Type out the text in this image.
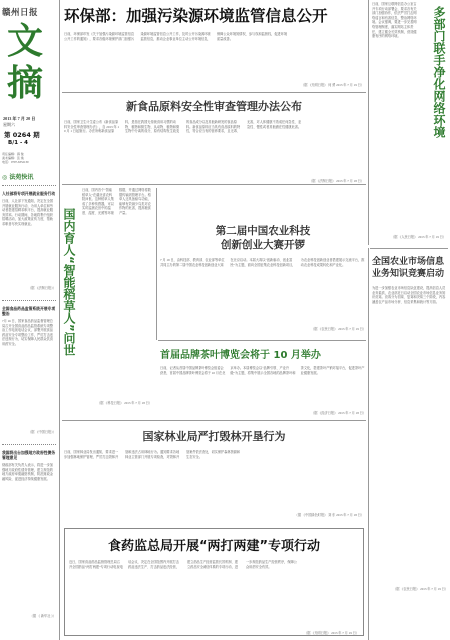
赣州日报
文
摘
2013 年 7 月 20 日
星期六
第 0264 期
B/1 - 4
责任编辑：薛 俊
美术编辑：张 焕
电话：0797-6352130
◎ 法苑快讯
人社部将专项开展就业服务行动
日前，人社部下发通知，决定在全国开展就业服务行动，为用人单位和劳动者搭建招聘求职平台，提高就业服务效率。行动期间，各地将集中组织招聘活动，加大政策宣传力度，帮助求职者尽快实现就业。
（据 《法制日报》）
全国食品药品监管系统开展专项整治
7月 16 日，国家食品药品监督管理总局召开全国食品药品监管系统专项整治工作电视电话会议，部署开展食品药品安全专项整治工作，严厉打击违法违规行为，切实保障人民群众饮食用药安全。
（据 《中国日报》）
我国将出台加强地方政府性债务管理意见
财政部有关负责人表示，将进一步加强地方政府性债务管理，建立规范的地方政府举债融资机制，防范财政金融风险，促进经济持续健康发展。
（据 《 新华社 》）
环保部：加强污染源环境监管信息公开
日前，环保部印发《关于加强污染源环境监管信息公开工作的通知》，要求各级环境保护部门加强污染源环境监管信息公开工作，及时公开污染源环境监管信息，推动企业事业单位主动公开环境信息，保障公众环境知情权、参与权和监督权，促进环境质量改善。
（据 《光明日报》 何 勇 2013 年 7 月 19 日）
日前，国家互联网信息办公室召开专项行动部署会，要求各有关部门加强协作，依法严厉打击网络谣言和有害信息，整治网络环境。会议强调，要进一步完善网络管理制度，落实网站主体责任，建立健全长效机制，营造健康有序的网络环境。	多部门联手净化网络环境
（据 《人民日报》 2013 年 7 月 19 日）
新食品原料安全性审查管理办法公布
日前，国家卫生计生委公布《新食品原料安全性审查管理办法》，自 2013 年 10 月 1 日起施行。办法所称新食品原料，是指在我国无传统食用习惯的动物、植物和微生物，从动物、植物和微生物中分离的成分，原有结构发生改变的食品成分以及其他新研发的食品原料。新食品原料应当具有食品原料的特性，符合应当有的营养要求，且无毒、无害，对人体健康不造成任何急性、亚急性、慢性或者其他潜在性健康危害。
（据 《法制日报》 2013 年 7 月 18 日）
国内育人“智能稻草人”问世
日前，国内首个“智能稻草人”在湖北省农科院问世。这种稻草人集成了多种传感器，可以实时监测农田中的温度、湿度、光照等环境数据，并通过网络将数据传输到管理平台。稻草人还具备驱鸟功能，能够有效减少鸟类对农作物的危害，提高粮食产量。
（据 《科技日报》 2013 年 7 月 18 日）
第二届中国农业科技
创新创业大赛开锣
7 月 19 日，由科技部、教育部、农业部等单位共同主办的第二届中国农业科技创新创业大赛在北京启动。本届大赛以“创新驱动、创业富民”为主题，面向全国征集农业科技创新项目，为农业科技创新创业者搭建展示交流平台，推动农业科技成果转化和产业化。
（据 《农民日报》 2013 年 7 月 19 日）
全国农业市场信息业务知识竞赛启动
为进一步加强农业市场信息队伍建设，提高信息人员业务素质，农业部近日启动全国农业市场信息业务知识竞赛。竞赛分为初赛、复赛和决赛三个阶段，内容涵盖农产品市场分析、信息采集和统计等方面。
（据 《农民日报》 2013 年 7 月 19 日）
首届品牌茶叶博览会将于 10 月举办
日前，记者从首届中国品牌茶叶博览会组委会获悉，首届中国品牌茶叶博览会将于 10 月在北京举办。本届博览会以“品牌引领、产业升级”为主题，将集中展示全国各地的品牌茶叶和茶文化，搭建茶叶产销对接平台，促进茶叶产业健康发展。
（据 《经济日报》 2013 年 7 月 18 日）
国家林业局严打毁林开垦行为
日前，国家林业局发出通知，要求进一步加强林地保护管理，严厉打击毁林开垦和违法占用林地行为。通知要求各地林业主管部门开展专项检查，对毁林开垦案件依法查处，切实保护森林资源和生态安全。
（据 《中国绿色时报》 刘 东 2013 年 7 月 18 日）
食药监总局开展“两打两建”专项行动
近日，国家食品药品监督管理总局召开全国药品“两打两建”专项行动电视电话会议，决定在全国范围内开展打击药品违法生产、打击药品违法经营，建立药品生产经营监管长效机制、建立药品安全诚信体系的专项行动，进一步规范药品生产经营秩序，保障公众用药安全有效。
（据 《光明日报》 2013 年 7 月 19 日）
